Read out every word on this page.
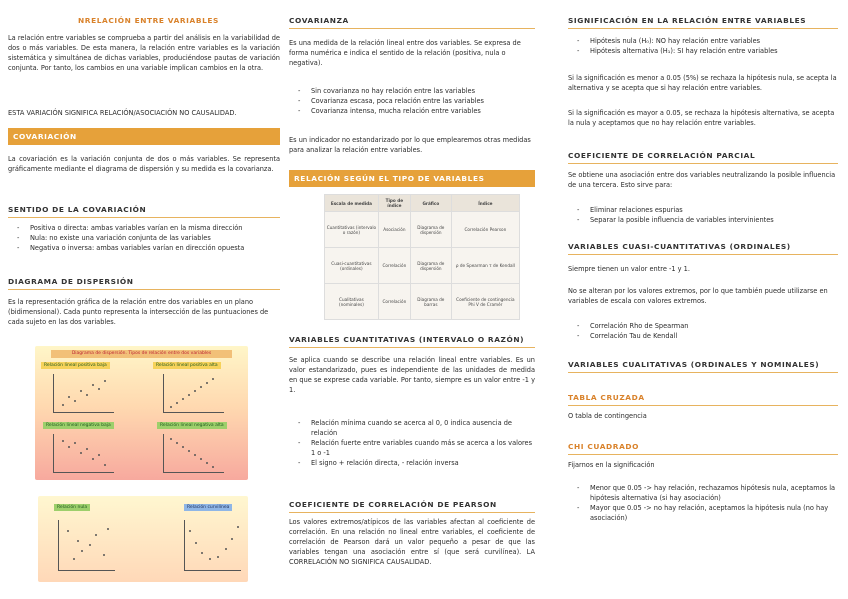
NRELACIÓN ENTRE VARIABLES

La relación entre variables se comprueba a partir del análisis en la variabilidad de dos o más variables. De esta manera, la relación entre variables es la variación sistemática y simultánea de dichas variables, produciéndose pautas de variación conjunta. Por tanto, los cambios en una variable implican cambios en la otra.

ESTA VARIACIÓN SIGNIFICA RELACIÓN/ASOCIACIÓN NO CAUSALIDAD.

COVARIACIÓN

La covariación es la variación conjunta de dos o más variables. Se representa gráficamente mediante el diagrama de dispersión y su medida es la covarianza.

SENTIDO DE LA COVARIACIÓN
- Positiva o directa: ambas variables varían en la misma dirección
- Nula: no existe una variación conjunta de las variables
- Negativa o inversa: ambas variables varían en dirección opuesta
DIAGRAMA DE DISPERSIÓN

Es la representación gráfica de la relación entre dos variables en un plano (bidimensional). Cada punto representa la intersección de las puntuaciones de cada sujeto en las dos variables.

Diagrama de dispersión. Tipos de relación entre dos variables
Relación lineal positiva baja	Relación lineal positiva alta
Relación lineal negativa baja	Relación lineal negativa alta
Relación nula	Relación curvilínea
COVARIANZA

Es una medida de la relación lineal entre dos variables. Se expresa de forma numérica e indica el sentido de la relación (positiva, nula o negativa).

- Sin covarianza no hay relación entre las variables
- Covarianza escasa, poca relación entre las variables
- Covarianza intensa, mucha relación entre variables

Es un indicador no estandarizado por lo que emplearemos otras medidas para analizar la relación entre variables.

RELACIÓN SEGÚN EL TIPO DE VARIABLES
VARIABLES CUANTITATIVAS (INTERVALO O RAZÓN)

Se aplica cuando se describe una relación lineal entre variables. Es un valor estandarizado, pues es independiente de las unidades de medida en que se exprese cada variable. Por tanto, siempre es un valor entre -1 y 1.

- Relación mínima cuando se acerca al 0, 0 indica ausencia de relación
- Relación fuerte entre variables cuando más se acerca a los valores 1 o -1
- El signo + relación directa, - relación inversa
COEFICIENTE DE CORRELACIÓN DE PEARSON

Los valores extremos/atípicos de las variables afectan al coeficiente de correlación. En una relación no lineal entre variables, el coeficiente de correlación de Pearson dará un valor pequeño a pesar de que las variables tengan una asociación entre sí (que será curvilínea). LA CORRELACIÓN NO SIGNIFICA CAUSALIDAD.

Escala de medida	Tipo de índice	Gráfico	Índice
Cuantitativas (intervalo o razón)	Asociación	Diagrama de dispersión	Correlación Pearson
Cuasi-cuantitativas (ordinales)	Correlación	Diagrama de dispersión	ρ de Spearman τ de Kendall
Cualitativas (nominales)	Correlación	Diagrama de barras	Coeficiente de contingencia Phi V de Cramér
SIGNIFICACIÓN EN LA RELACIÓN ENTRE VARIABLES
- Hipótesis nula (H₀): NO hay relación entre variables
- Hipótesis alternativa (H₁): SI hay relación entre variables

Si la significación es menor a 0.05 (5%) se rechaza la hipótesis nula, se acepta la alternativa y se acepta que si hay relación entre variables.

Si la significación es mayor a 0.05, se rechaza la hipótesis alternativa, se acepta la nula y aceptamos que no hay relación entre variables.

COEFICIENTE DE CORRELACIÓN PARCIAL

Se obtiene una asociación entre dos variables neutralizando la posible influencia de una tercera. Esto sirve para:

- Eliminar relaciones espurias
- Separar la posible influencia de variables intervinientes
VARIABLES CUASI-CUANTITATIVAS (ORDINALES)

Siempre tienen un valor entre -1 y 1.

No se alteran por los valores extremos, por lo que también puede utilizarse en variables de escala con valores extremos.

- Correlación Rho de Spearman
- Correlación Tau de Kendall
VARIABLES CUALITATIVAS (ORDINALES Y NOMINALES)
TABLA CRUZADA

O tabla de contingencia

CHI CUADRADO

Fijarnos en la significación

- Menor que 0.05 -> hay relación, rechazamos hipótesis nula, aceptamos la hipótesis alternativa (si hay asociación)
- Mayor que 0.05 -> no hay relación, aceptamos la hipótesis nula (no hay asociación)
